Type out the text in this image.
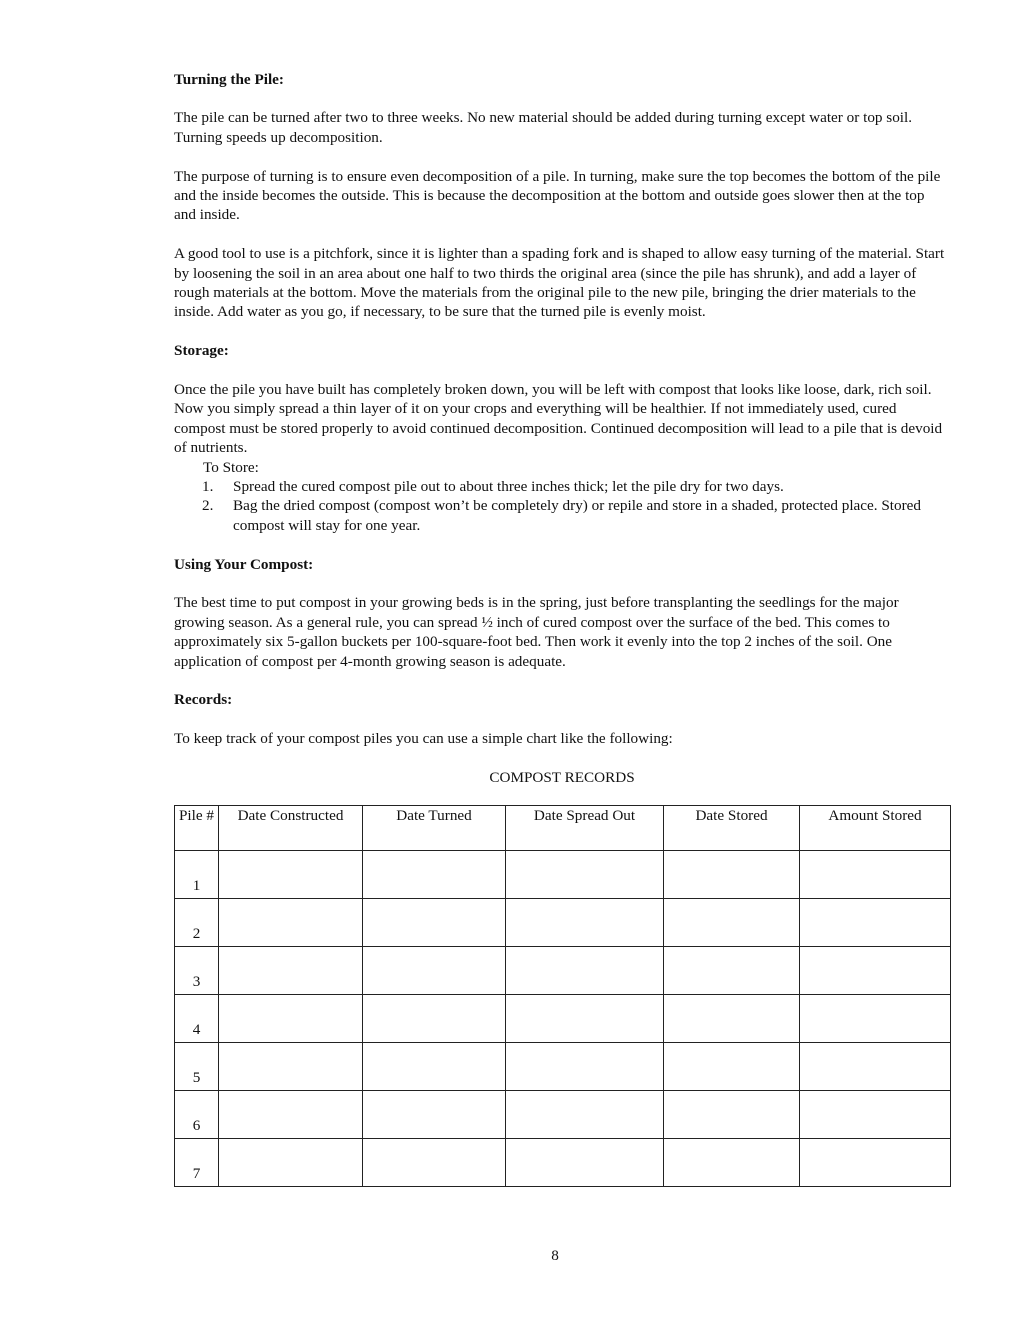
Turning the Pile:

The pile can be turned after two to three weeks. No new material should be added during turning except water or top soil. Turning speeds up decomposition.

The purpose of turning is to ensure even decomposition of a pile. In turning, make sure the top becomes the bottom of the pile and the inside becomes the outside. This is because the decomposition at the bottom and outside goes slower then at the top and inside.

A good tool to use is a pitchfork, since it is lighter than a spading fork and is shaped to allow easy turning of the material. Start by loosening the soil in an area about one half to two thirds the original area (since the pile has shrunk), and add a layer of rough materials at the bottom. Move the materials from the original pile to the new pile, bringing the drier materials to the inside. Add water as you go, if necessary, to be sure that the turned pile is evenly moist.

Storage:

Once the pile you have built has completely broken down, you will be left with compost that looks like loose, dark, rich soil. Now you simply spread a thin layer of it on your crops and everything will be healthier. If not immediately used, cured compost must be stored properly to avoid continued decomposition. Continued decomposition will lead to a pile that is devoid of nutrients.

To Store:

1. Spread the cured compost pile out to about three inches thick; let the pile dry for two days.
2. Bag the dried compost (compost won’t be completely dry) or repile and store in a shaded, protected place. Stored compost will stay for one year.
Using Your Compost:

The best time to put compost in your growing beds is in the spring, just before transplanting the seedlings for the major growing season. As a general rule, you can spread ½ inch of cured compost over the surface of the bed. This comes to approximately six 5-gallon buckets per 100-square-foot bed. Then work it evenly into the top 2 inches of the soil. One application of compost per 4-month growing season is adequate.

Records:

To keep track of your compost piles you can use a simple chart like the following:

COMPOST RECORDS

Pile #	Date Constructed	Date Turned	Date Spread Out	Date Stored	Amount Stored
1					
2					
3					
4					
5					
6					
7					
8
